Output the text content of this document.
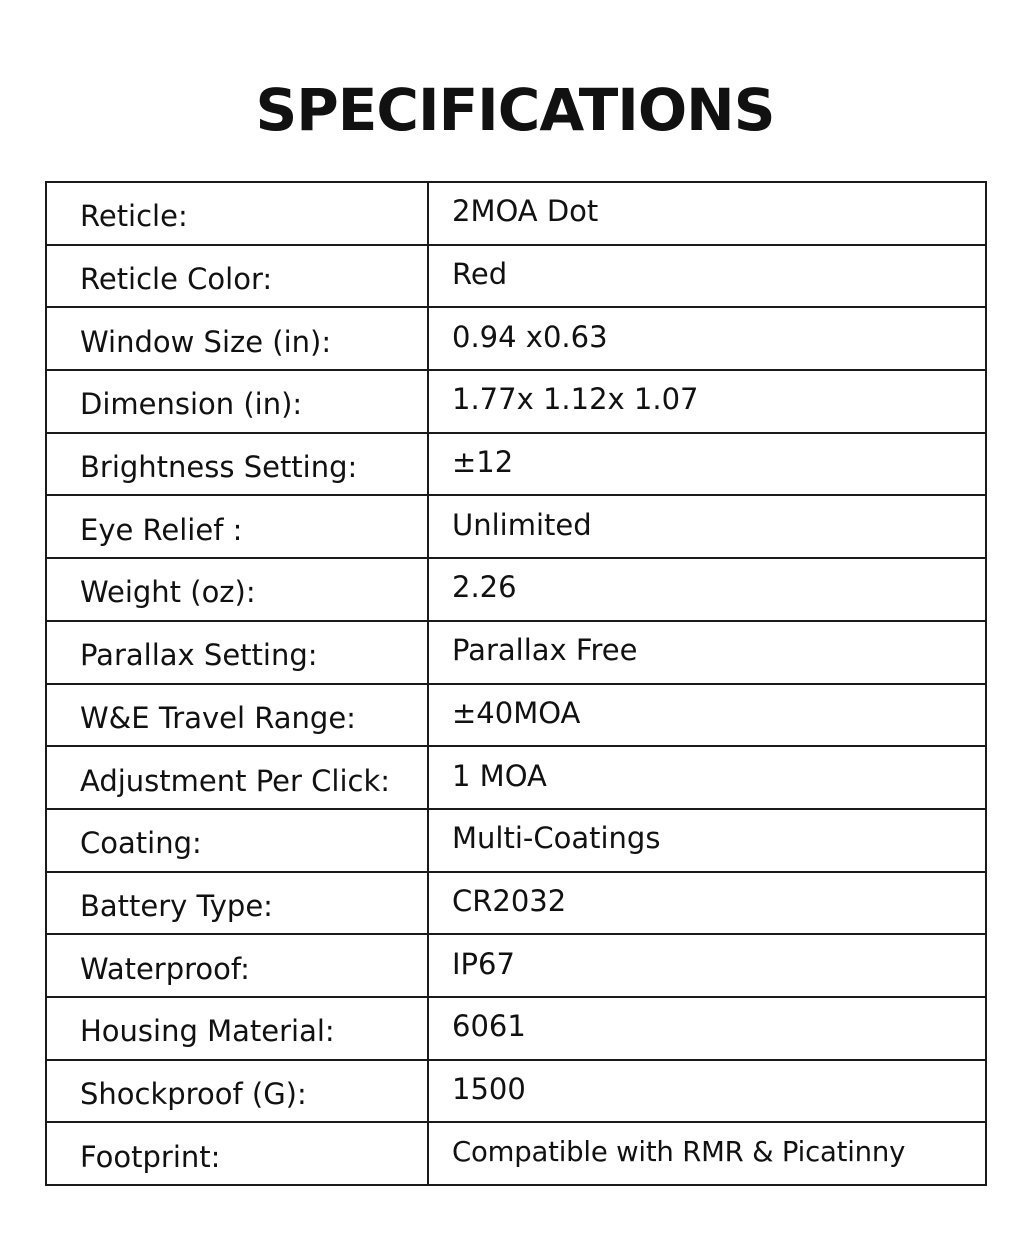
SPECIFICATIONS
Reticle:	2MOA Dot
Reticle Color:	Red
Window Size (in):	0.94 x0.63
Dimension (in):	1.77x 1.12x 1.07
Brightness Setting:	±12
Eye Relief :	Unlimited
Weight (oz):	2.26
Parallax Setting:	Parallax Free
W&E Travel Range:	±40MOA
Adjustment Per Click:	1 MOA
Coating:	Multi-Coatings
Battery Type:	CR2032
Waterproof:	IP67
Housing Material:	6061
Shockproof (G):	1500
Footprint:	Compatible with RMR & Picatinny
